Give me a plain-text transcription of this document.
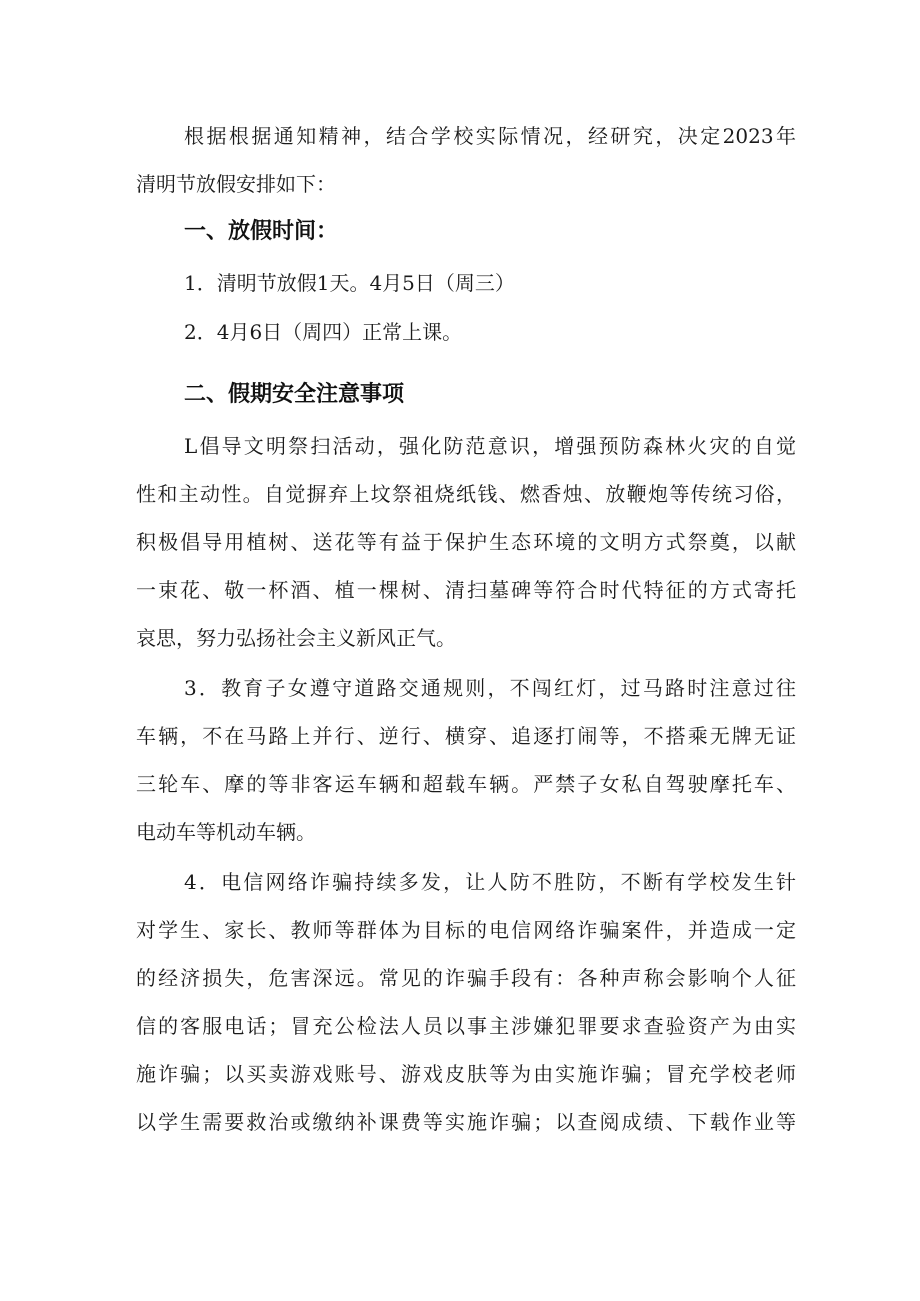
根据根据通知精神，结合学校实际情况，经研究，决定2023年
清明节放假安排如下：
一、放假时间：
1．清明节放假1天。4月5日（周三）
2．4月6日（周四）正常上课。
二、假期安全注意事项
L倡导文明祭扫活动，强化防范意识，增强预防森林火灾的自觉
性和主动性。自觉摒弃上坟祭祖烧纸钱、燃香烛、放鞭炮等传统习俗，
积极倡导用植树、送花等有益于保护生态环境的文明方式祭奠，以献
一束花、敬一杯酒、植一棵树、清扫墓碑等符合时代特征的方式寄托
哀思，努力弘扬社会主义新风正气。
3．教育子女遵守道路交通规则，不闯红灯，过马路时注意过往
车辆，不在马路上并行、逆行、横穿、追逐打闹等，不搭乘无牌无证
三轮车、摩的等非客运车辆和超载车辆。严禁子女私自驾驶摩托车、
电动车等机动车辆。
4．电信网络诈骗持续多发，让人防不胜防，不断有学校发生针
对学生、家长、教师等群体为目标的电信网络诈骗案件，并造成一定
的经济损失，危害深远。常见的诈骗手段有：各种声称会影响个人征
信的客服电话；冒充公检法人员以事主涉嫌犯罪要求查验资产为由实
施诈骗；以买卖游戏账号、游戏皮肤等为由实施诈骗；冒充学校老师
以学生需要救治或缴纳补课费等实施诈骗；以查阅成绩、下载作业等
